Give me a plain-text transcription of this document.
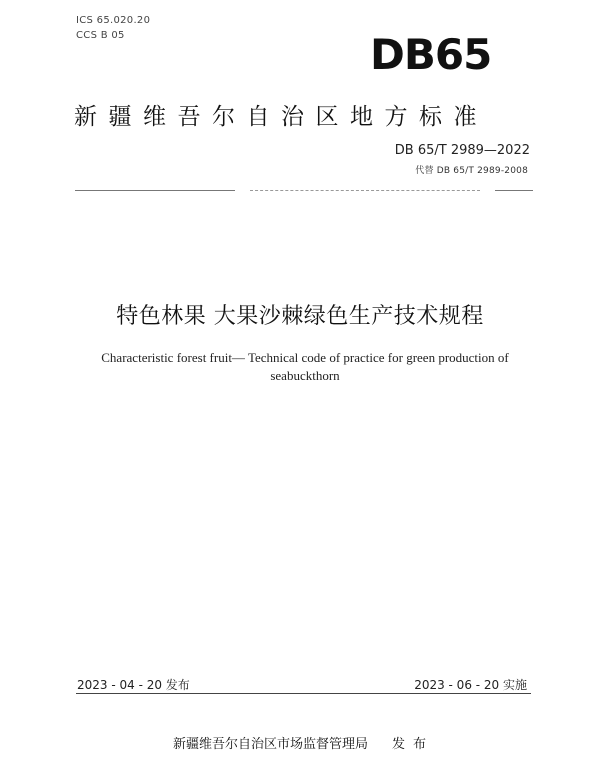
ICS 65.020.20
CCS B 05	DB65
新疆维吾尔自治区地方标准
DB 65/T 2989—2022
代替 DB 65/T 2989-2008
特色林果 大果沙棘绿色生产技术规程
Characteristic forest fruit— Technical code of practice for green production of seabuckthorn
2023 - 04 - 20 发布	2023 - 06 - 20 实施
新疆维吾尔自治区市场监督管理局 发布
